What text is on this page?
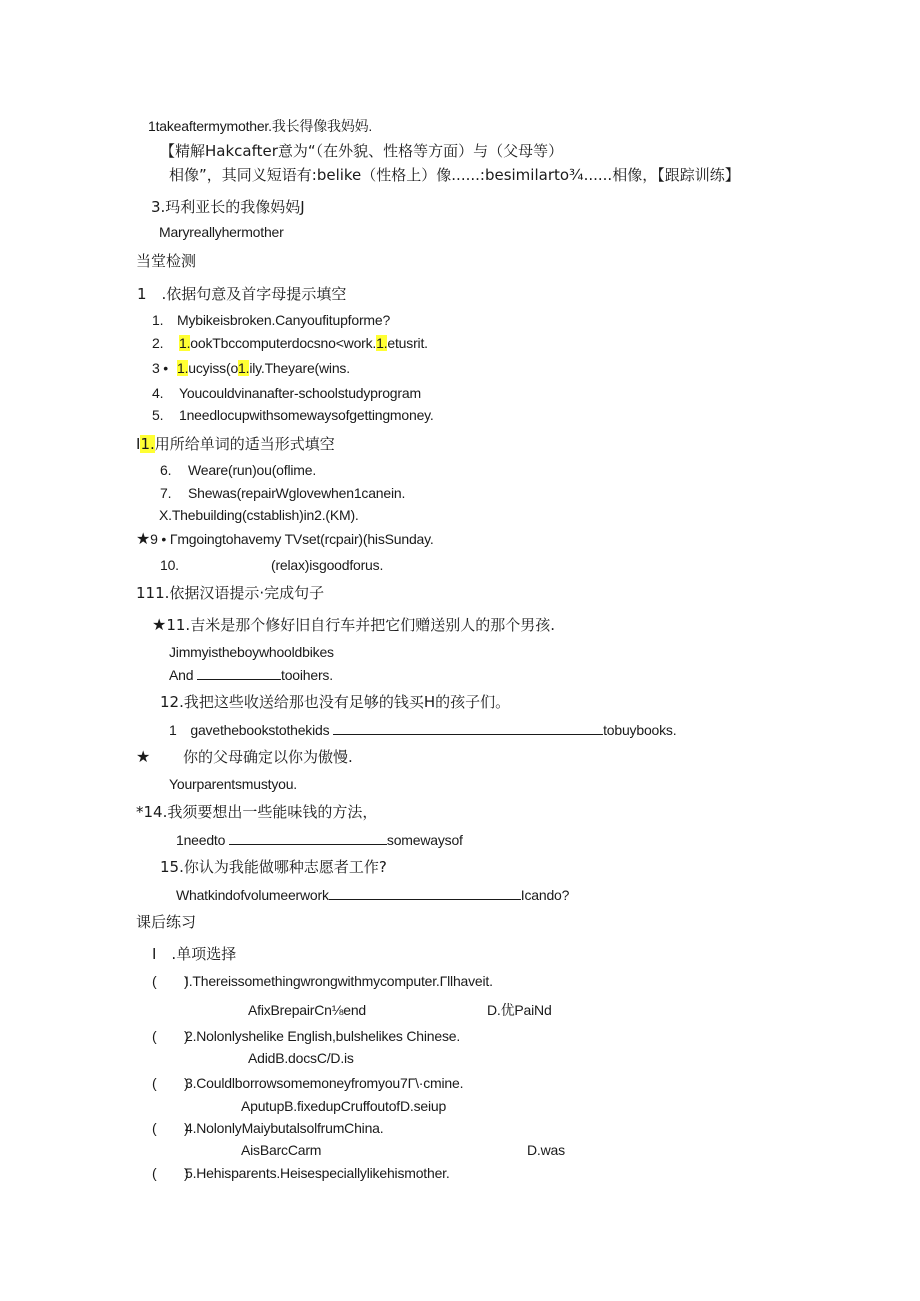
1takeaftermymother.我长得像我妈妈.
【精解Hakcafter意为“（在外貌、性格等方面）与（父母等）
相像”，其同义短语有:belike（性格上）像......:besimilarto¾......相像，【跟踪训练】
3.玛利亚长的我像妈妈J
Maryreallyhermother
当堂检测
1　.依据句意及首字母提示填空
1. Mybikeisbroken.Canyoufitupforme?
2. 1.ookTbccomputerdocsno<work.1.etusrit.
3 • 1.ucyiss(o1.ily.Theyare(wins.
4. Youcouldvinanafter-schoolstudyprogram
5. 1needlocupwithsomewaysofgettingmoney.
I1.用所给单词的适当形式填空
6. Weare(run)ou(oflime.
7. Shewas(repairWglovewhen1canein.
X.Thebuilding(cstablish)in2.(KM).
★9 • Γmgoingtohavemy TVset(rcpair)(hisSunday.
10.	(relax)isgoodforus.
111.依据汉语提示·完成句子
★11.吉米是那个修好旧自行车并把它们赠送别人的那个男孩.
Jimmyistheboywhooldbikes
And	tooihers.
12.我把这些收送给那也没有足够的钱买H的孩子们。
1　gavethebookstothekids	tobuybooks.
★ 你的父母确定以你为傲慢.
Yourparentsmustyou.
*14.我须要想出一些能味钱的方法，
1needto	somewaysof
15.你认为我能做哪种志愿者工作?
Whatkindofvolumeerwork	Icando?
课后练习
I　.单项选择
(　　)I.Thereissomethingwrongwithmycomputer.Γllhaveit.
AfixBrepairCn⅛end	D.优PaiNd
(　　)2.Nolonlyshelike English,bulshelikes Chinese.
AdidB.docsC/D.is
(　　)3.Couldlborrowsomemoneyfromyou7Γ\·cmine.
AputupB.fixedupCruffoutofD.seiup
(　　)4.NolonlyMaiybutalsolfrumChina.
AisBarcCarm	D.was
(　　)5.Hehisparents.Heisespeciallylikehismother.
